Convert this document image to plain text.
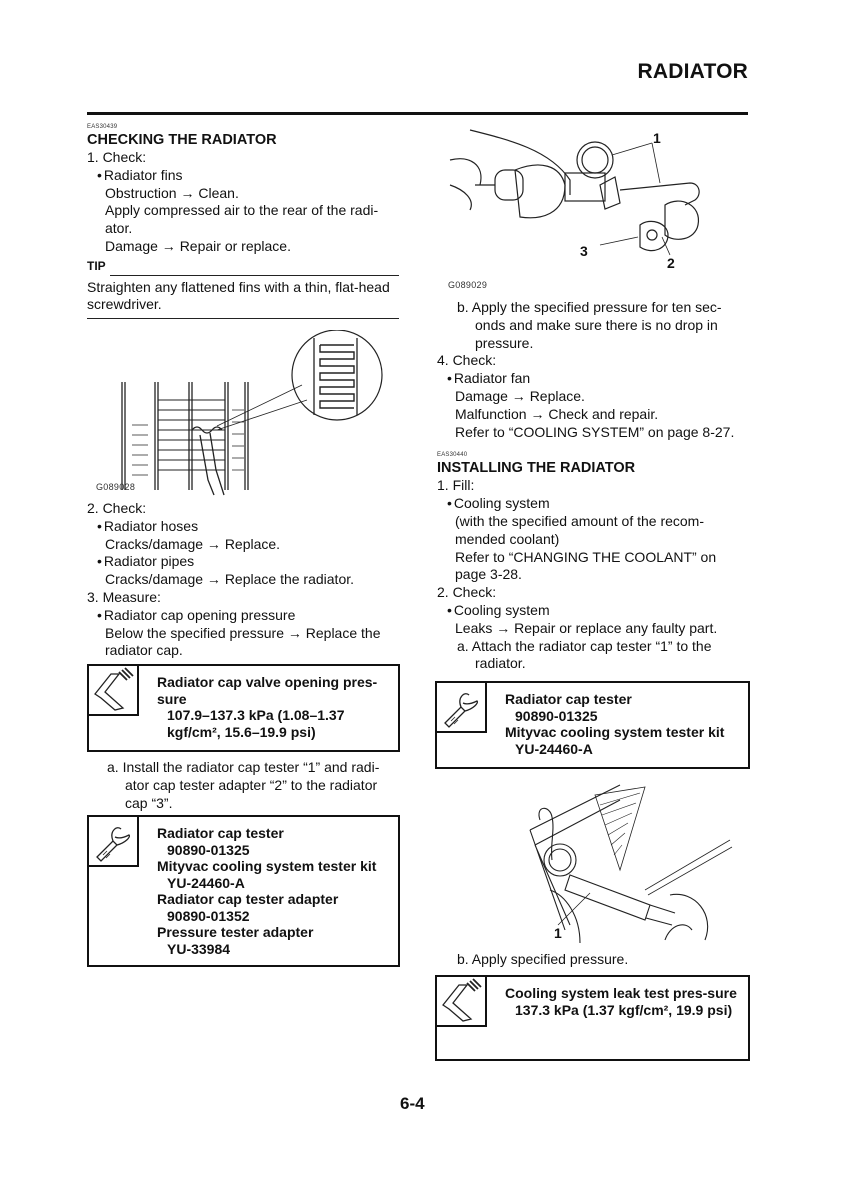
RADIATOR
EAS30439
CHECKING THE RADIATOR
1. Check:
• Radiator fins
Obstruction → Clean.
Apply compressed air to the rear of the radi-ator.
Damage → Repair or replace.
TIP
Straighten any flattened fins with a thin, flat-head screwdriver.
G089028
2. Check:
• Radiator hoses
Cracks/damage → Replace.
• Radiator pipes
Cracks/damage → Replace the radiator.
3. Measure:
• Radiator cap opening pressure
Below the specified pressure → Replace the radiator cap.
Radiator cap valve opening pres-sure
107.9–137.3 kPa (1.08–1.37 kgf/cm², 15.6–19.9 psi)
a. Install the radiator cap tester “1” and radi-ator cap tester adapter “2” to the radiator cap “3”.
Radiator cap tester
90890-01325
Mityvac cooling system tester kit
YU-24460-A
Radiator cap tester adapter
90890-01352
Pressure tester adapter
YU-33984
1
2
3
G089029
b. Apply the specified pressure for ten sec-onds and make sure there is no drop in pressure.
4. Check:
• Radiator fan
Damage → Replace.
Malfunction → Check and repair.
Refer to “COOLING SYSTEM” on page 8-27.
EAS30440
INSTALLING THE RADIATOR
1. Fill:
• Cooling system
(with the specified amount of the recom-mended coolant)
Refer to “CHANGING THE COOLANT” on page 3-28.
2. Check:
• Cooling system
Leaks → Repair or replace any faulty part.
a. Attach the radiator cap tester “1” to the radiator.
Radiator cap tester
90890-01325
Mityvac cooling system tester kit
YU-24460-A
1
b. Apply specified pressure.
Cooling system leak test pres-sure
137.3 kPa (1.37 kgf/cm², 19.9 psi)
6-4
